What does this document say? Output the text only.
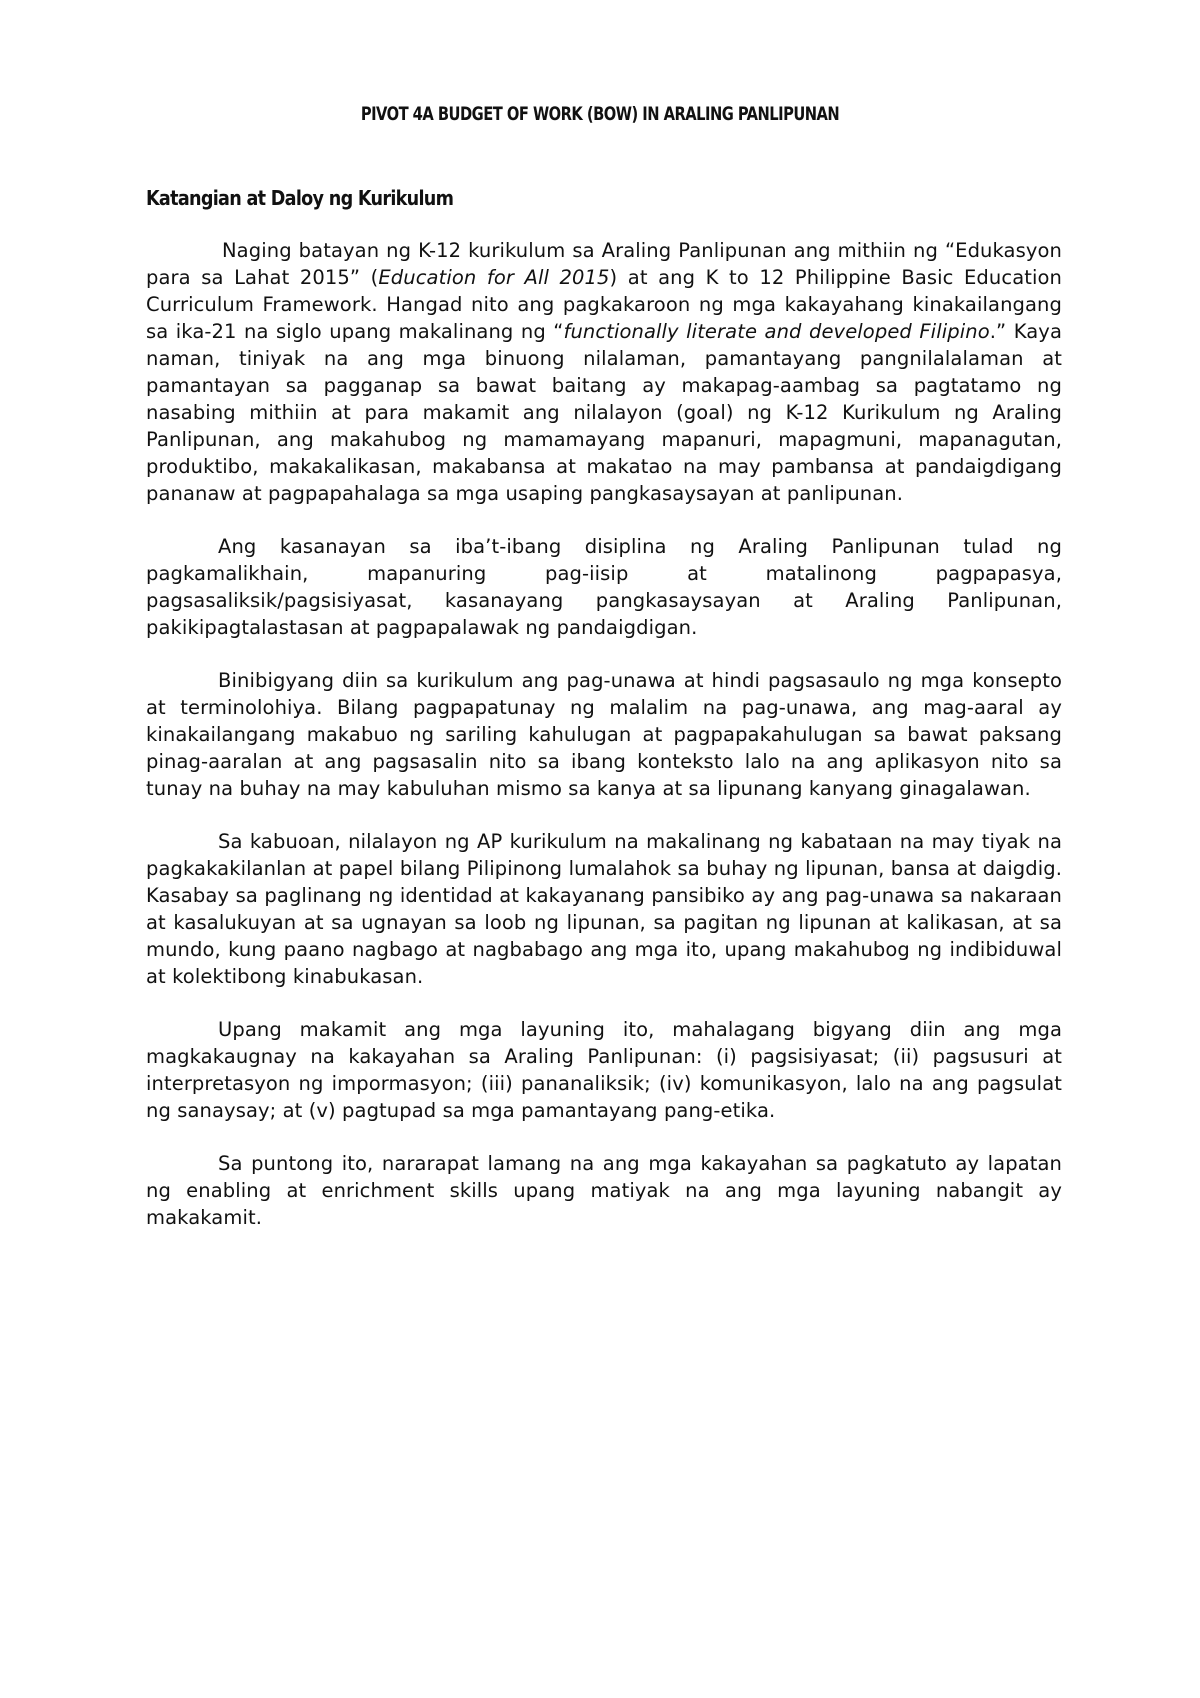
PIVOT 4A BUDGET OF WORK (BOW) IN ARALING PANLIPUNAN
Katangian at Daloy ng Kurikulum

Naging batayan ng K-12 kurikulum sa Araling Panlipunan ang mithiin ng “Edukasyon para sa Lahat 2015” (Education for All 2015) at ang K to 12 Philippine Basic Education Curriculum Framework. Hangad nito ang pagkakaroon ng mga kakayahang kinakailangang sa ika-21 na siglo upang makalinang ng “functionally literate and developed Filipino.” Kaya naman, tiniyak na ang mga binuong nilalaman, pamantayang pangnilalalaman at pamantayan sa pagganap sa bawat baitang ay makapag-aambag sa pagtatamo ng nasabing mithiin at para makamit ang nilalayon (goal) ng K-12 Kurikulum ng Araling Panlipunan, ang makahubog ng mamamayang mapanuri, mapagmuni, mapanagutan, produktibo, makakalikasan, makabansa at makatao na may pambansa at pandaigdigang pananaw at pagpapahalaga sa mga usaping pangkasaysayan at panlipunan.

Ang kasanayan sa iba’t-ibang disiplina ng Araling Panlipunan tulad ng pagkamalikhain, mapanuring pag-iisip at matalinong pagpapasya, pagsasaliksik/pagsisiyasat, kasanayang pangkasaysayan at Araling Panlipunan, pakikipagtalastasan at pagpapalawak ng pandaigdigan.

Binibigyang diin sa kurikulum ang pag-unawa at hindi pagsasaulo ng mga konsepto at terminolohiya. Bilang pagpapatunay ng malalim na pag-unawa, ang mag-aaral ay kinakailangang makabuo ng sariling kahulugan at pagpapakahulugan sa bawat paksang pinag-aaralan at ang pagsasalin nito sa ibang konteksto lalo na ang aplikasyon nito sa tunay na buhay na may kabuluhan mismo sa kanya at sa lipunang kanyang ginagalawan.

Sa kabuoan, nilalayon ng AP kurikulum na makalinang ng kabataan na may tiyak na pagkakakilanlan at papel bilang Pilipinong lumalahok sa buhay ng lipunan, bansa at daigdig. Kasabay sa paglinang ng identidad at kakayanang pansibiko ay ang pag-unawa sa nakaraan at kasalukuyan at sa ugnayan sa loob ng lipunan, sa pagitan ng lipunan at kalikasan, at sa mundo, kung paano nagbago at nagbabago ang mga ito, upang makahubog ng indibiduwal at kolektibong kinabukasan.

Upang makamit ang mga layuning ito, mahalagang bigyang diin ang mga magkakaugnay na kakayahan sa Araling Panlipunan: (i) pagsisiyasat; (ii) pagsusuri at interpretasyon ng impormasyon; (iii) pananaliksik; (iv) komunikasyon, lalo na ang pagsulat ng sanaysay; at (v) pagtupad sa mga pamantayang pang-etika.

Sa puntong ito, nararapat lamang na ang mga kakayahan sa pagkatuto ay lapatan ng enabling at enrichment skills upang matiyak na ang mga layuning nabangit ay makakamit.
